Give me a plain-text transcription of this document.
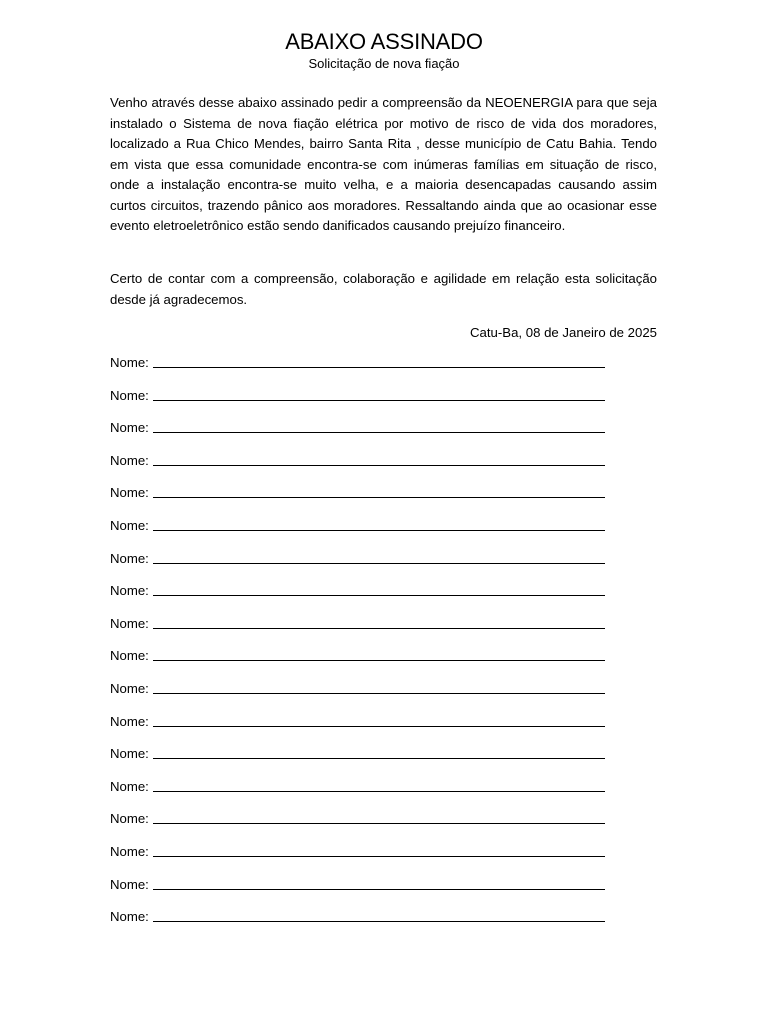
ABAIXO ASSINADO
Solicitação de nova fiação

Venho através desse abaixo assinado pedir a compreensão da NEOENERGIA para que seja instalado o Sistema de nova fiação elétrica por motivo de risco de vida dos moradores, localizado a Rua Chico Mendes, bairro Santa Rita , desse município de Catu Bahia. Tendo em vista que essa comunidade encontra-se com inúmeras famílias em situação de risco, onde a instalação encontra-se muito velha, e a maioria desencapadas causando assim curtos circuitos, trazendo pânico aos moradores. Ressaltando ainda que ao ocasionar esse evento eletroeletrônico estão sendo danificados causando prejuízo financeiro.

Certo de contar com a compreensão, colaboração e agilidade em relação esta solicitação desde já agradecemos.

Catu-Ba, 08 de Janeiro de 2025
Nome:
Nome:
Nome:
Nome:
Nome:
Nome:
Nome:
Nome:
Nome:
Nome:
Nome:
Nome:
Nome:
Nome:
Nome:
Nome:
Nome:
Nome:
